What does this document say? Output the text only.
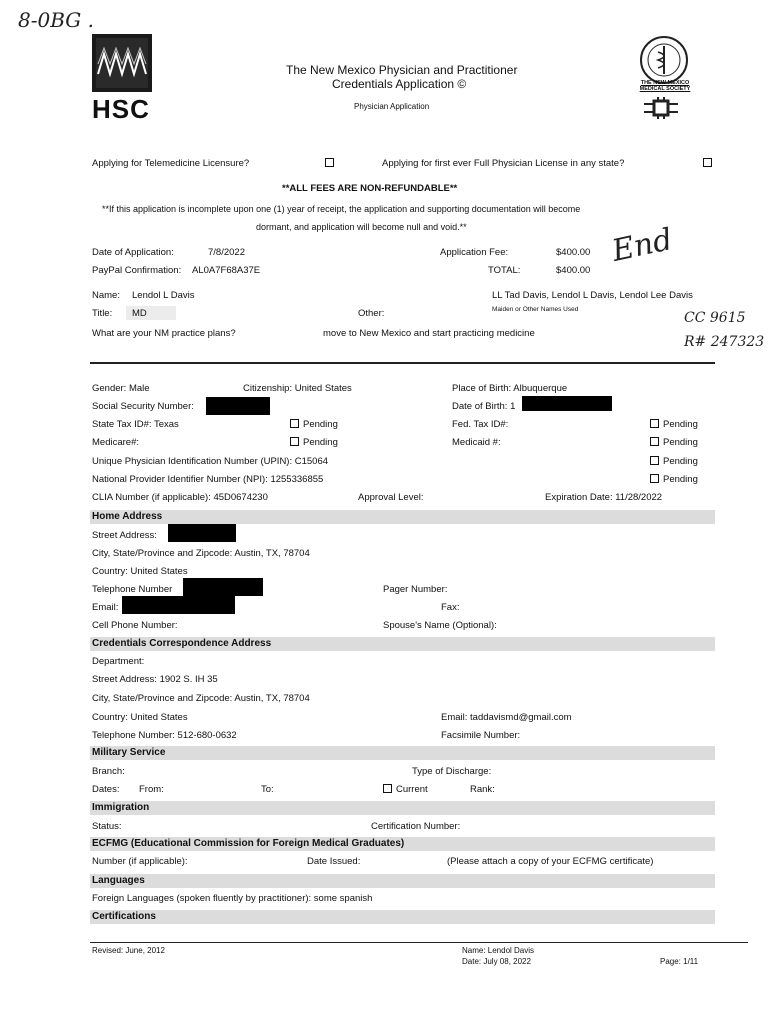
8-0BG .
End
CC 9615
R# 247323
HSC
The New Mexico Physician and Practitioner
Credentials Application ©
Physician Application
THE NEW MEXICO MEDICAL SOCIETY
Applying for Telemedicine Licensure?	Applying for first ever Full Physician License in any state?
**ALL FEES ARE NON-REFUNDABLE**
**If this application is incomplete upon one (1) year of receipt, the application and supporting documentation will become
dormant, and application will become null and void.**
Date of Application:	7/8/2022
PayPal Confirmation: AL0A7F68A37E
Application Fee:	$400.00
TOTAL:	$400.00
Name: Lendol L Davis	LL Tad Davis, Lendol L Davis, Lendol Lee Davis
Title: MD	Other:	Maiden or Other Names Used
What are your NM practice plans?	move to New Mexico and start practicing medicine
Gender: Male	Citizenship: United States	Place of Birth: Albuquerque
Social Security Number:	Date of Birth: 1
State Tax ID#: Texas	Pending	Fed. Tax ID#:	Pending
Medicare#:	Pending	Medicaid #:	Pending
Unique Physician Identification Number (UPIN): C15064	Pending
National Provider Identifier Number (NPI): 1255336855	Pending
CLIA Number (if applicable): 45D0674230	Approval Level:	Expiration Date: 11/28/2022
Home Address
Street Address:
City, State/Province and Zipcode: Austin, TX, 78704
Country: United States
Telephone Number	Pager Number:
Email:	Fax:
Cell Phone Number:	Spouse's Name (Optional):
Credentials Correspondence Address
Department:
Street Address: 1902 S. IH 35
City, State/Province and Zipcode: Austin, TX, 78704
Country: United States	Email: taddavismd@gmail.com
Telephone Number: 512-680-0632	Facsimile Number:
Military Service
Branch:	Type of Discharge:
Dates: From:	To:	Current	Rank:
Immigration
Status:	Certification Number:
ECFMG (Educational Commission for Foreign Medical Graduates)
Number (if applicable):	Date Issued:	(Please attach a copy of your ECFMG certificate)
Languages
Foreign Languages (spoken fluently by practitioner): some spanish
Certifications
Revised: June, 2012	Name: Lendol Davis
Date: July 08, 2022	Page: 1/11
